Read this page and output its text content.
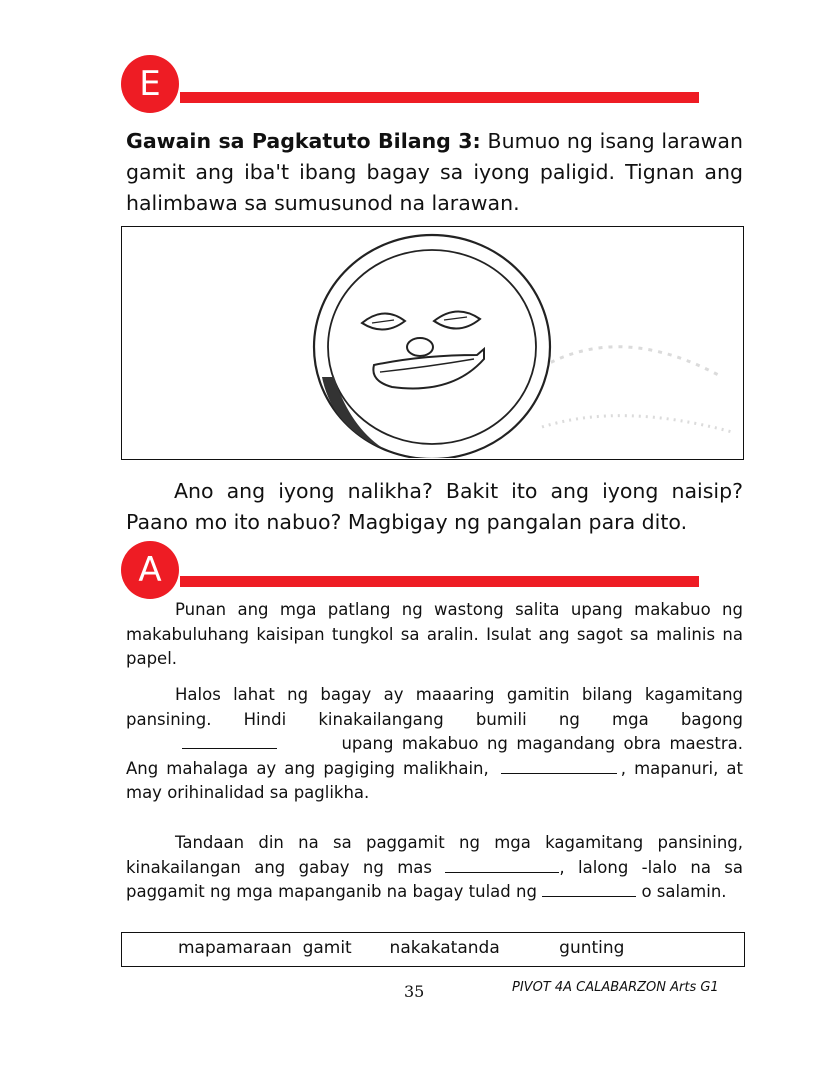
E

Gawain sa Pagkatuto Bilang 3: Bumuo ng isang larawan gamit ang iba't ibang bagay sa iyong paligid. Tignan ang halimbawa sa sumusunod na larawan.

Ano ang iyong nalikha? Bakit ito ang iyong naisip? Paano mo ito nabuo? Magbigay ng pangalan para dito.

A

Punan ang mga patlang ng wastong salita upang makabuo ng makabuluhang kaisipan tungkol sa aralin. Isulat ang sagot sa malinis na papel.

Halos lahat ng bagay ay maaaring gamitin bilang kagamitang pansining. Hindi kinakailangang bumili ng mga bagong  upang makabuo ng magandang obra maestra. Ang mahalaga ay ang pagiging malikhain,	, mapanuri, at may orihinalidad sa paglikha.

Tandaan din na sa paggamit ng mga kagamitang pansining, kinakailangan ang gabay ng mas	, lalong -lalo na sa paggamit ng mga mapanganib na bagay tulad ng	o salamin.

mapamaraan  gamit       nakakatanda           gunting
35	PIVOT 4A CALABARZON Arts G1
